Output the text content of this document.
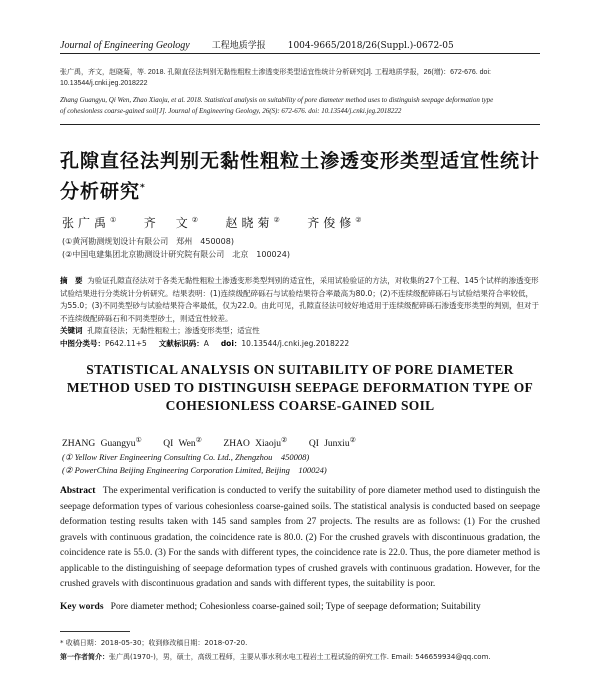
Journal of Engineering Geology 工程地质学报 1004-9665/2018/26(Suppl.)-0672-05
张广禹，齐文，赵晓菊，等. 2018. 孔隙直径法判别无黏性粗粒土渗透变形类型适宜性统计分析研究[J]. 工程地质学报，26(增)：672-676. doi:
10.13544/j.cnki.jeg.2018222
Zhang Guangyu, Qi Wen, Zhao Xiaoju, et al. 2018. Statistical analysis on suitability of pore diameter method uses to distinguish seepage deformation type
of cohesionless coarse-gained soil[J]. Journal of Engineering Geology, 26(S): 672-676. doi: 10.13544/j.cnki.jeg.2018222
孔隙直径法判别无黏性粗粒土渗透变形类型适宜性统计分析研究*
张广禹① 齐　文② 赵晓菊② 齐俊修②
(①黄河勘测规划设计有限公司　郑州　450008)
(②中国电建集团北京勘测设计研究院有限公司　北京　100024)
摘　要 为验证孔隙直径法对于各类无黏性粗粒土渗透变形类型判别的适宜性，采用试验验证的方法，对收集的27个工程、145个试样的渗透变形试验结果进行分类统计分析研究。结果表明：(1)连续级配碎砾石与试验结果符合率最高为80.0；(2)不连续级配碎砾石与试验结果符合率较低，为55.0；(3)不同类型砂与试验结果符合率最低，仅为22.0。由此可见，孔隙直径法可较好地适用于连续级配碎砾石渗透变形类型的判别，但对于不连续级配碎砾石和不同类型砂土，则适宜性较差。
关键词 孔隙直径法；无黏性粗粒土；渗透变形类型；适宜性
中图分类号：P642.11+5 文献标识码：A doi：10.13544/j.cnki.jeg.2018222
STATISTICAL ANALYSIS ON SUITABILITY OF PORE DIAMETER METHOD USED TO DISTINGUISH SEEPAGE DEFORMATION TYPE OF COHESIONLESS COARSE-GAINED SOIL
ZHANG Guangyu① QI Wen② ZHAO Xiaoju② QI Junxiu②
(① Yellow River Engineering Consulting Co. Ltd., Zhengzhou　450008)
(② PowerChina Beijing Engineering Corporation Limited, Beijing　100024)
Abstract The experimental verification is conducted to verify the suitability of pore diameter method used to distinguish the seepage deformation types of various cohesionless coarse-gained soils. The statistical analysis is conducted based on seepage deformation testing results taken with 145 sand samples from 27 projects. The results are as follows: (1) For the crushed gravels with continuous gradation, the coincidence rate is 80.0. (2) For the crushed gravels with discontinuous gradation, the coincidence rate is 55.0. (3) For the sands with different types, the coincidence rate is 22.0. Thus, the pore diameter method is applicable to the distinguishing of seepage deformation types of crushed gravels with continuous gradation. However, for the crushed gravels with discontinuous gradation and sands with different types, the suitability is poor.
Key words Pore diameter method; Cohesionless coarse-gained soil; Type of seepage deformation; Suitability
* 收稿日期：2018-05-30；收到修改稿日期：2018-07-20.
第一作者简介：张广禹(1970-)，男，硕士，高级工程师，主要从事水利水电工程岩土工程试验的研究工作. Email: 546659934@qq.com.
